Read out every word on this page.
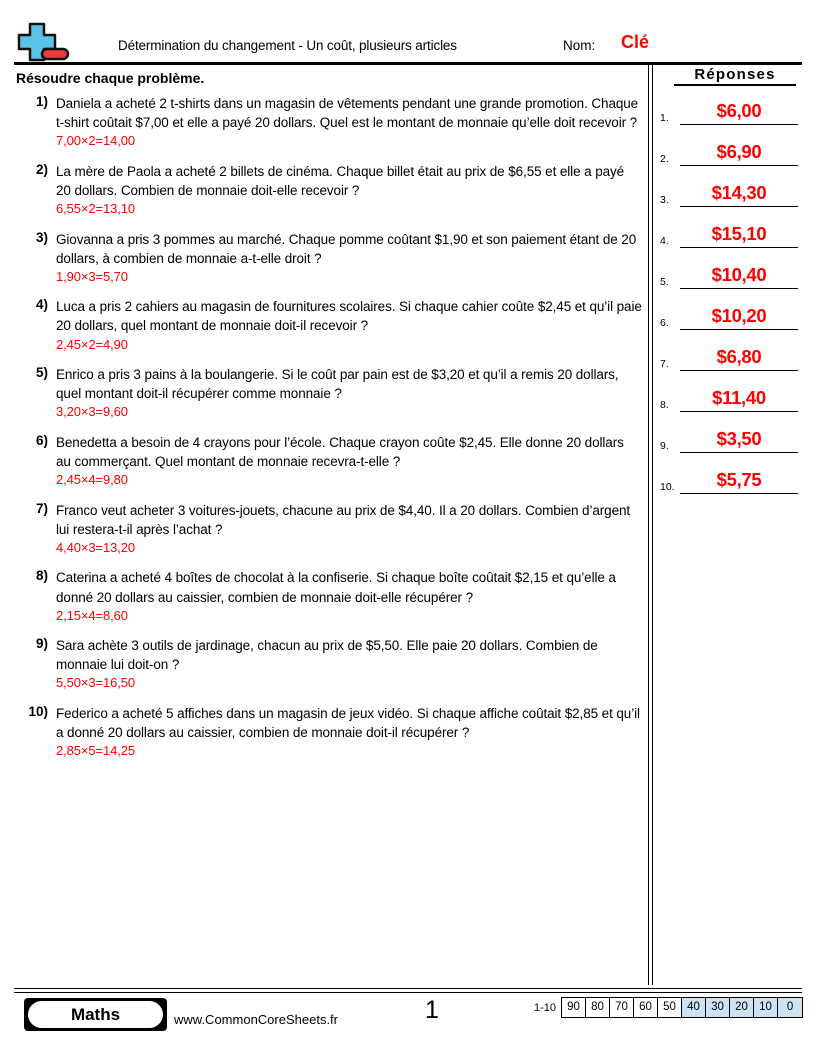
Détermination du changement - Un coût, plusieurs articles	Nom: Clé
Résoudre chaque problème.
1) Daniela a acheté 2 t-shirts dans un magasin de vêtements pendant une grande promotion. Chaque t-shirt coûtait $7,00 et elle a payé 20 dollars. Quel est le montant de monnaie qu’elle doit recevoir ?
7,00×2=14,00
2) La mère de Paola a acheté 2 billets de cinéma. Chaque billet était au prix de $6,55 et elle a payé 20 dollars. Combien de monnaie doit-elle recevoir ?
6,55×2=13,10
3) Giovanna a pris 3 pommes au marché. Chaque pomme coûtant $1,90 et son paiement étant de 20 dollars, à combien de monnaie a-t-elle droit ?
1,90×3=5,70
4) Luca a pris 2 cahiers au magasin de fournitures scolaires. Si chaque cahier coûte $2,45 et qu’il paie 20 dollars, quel montant de monnaie doit-il recevoir ?
2,45×2=4,90
5) Enrico a pris 3 pains à la boulangerie. Si le coût par pain est de $3,20 et qu’il a remis 20 dollars, quel montant doit-il récupérer comme monnaie ?
3,20×3=9,60
6) Benedetta a besoin de 4 crayons pour l’école. Chaque crayon coûte $2,45. Elle donne 20 dollars au commerçant. Quel montant de monnaie recevra-t-elle ?
2,45×4=9,80
7) Franco veut acheter 3 voitures-jouets, chacune au prix de $4,40. Il a 20 dollars. Combien d’argent lui restera-t-il après l’achat ?
4,40×3=13,20
8) Caterina a acheté 4 boîtes de chocolat à la confiserie. Si chaque boîte coûtait $2,15 et qu’elle a donné 20 dollars au caissier, combien de monnaie doit-elle récupérer ?
2,15×4=8,60
9) Sara achète 3 outils de jardinage, chacun au prix de $5,50. Elle paie 20 dollars. Combien de monnaie lui doit-on ?
5,50×3=16,50
10) Federico a acheté 5 affiches dans un magasin de jeux vidéo. Si chaque affiche coûtait $2,85 et qu’il a donné 20 dollars au caissier, combien de monnaie doit-il récupérer ?
2,85×5=14,25
Réponses
1.	$6,00
2.	$6,90
3.	$14,30
4.	$15,10
5.	$10,40
6.	$10,20
7.	$6,80
8.	$11,40
9.	$3,50
10.	$5,75
Maths	www.CommonCoreSheets.fr	1	1-10 90 80 70 60 50 40 30 20 10	0
